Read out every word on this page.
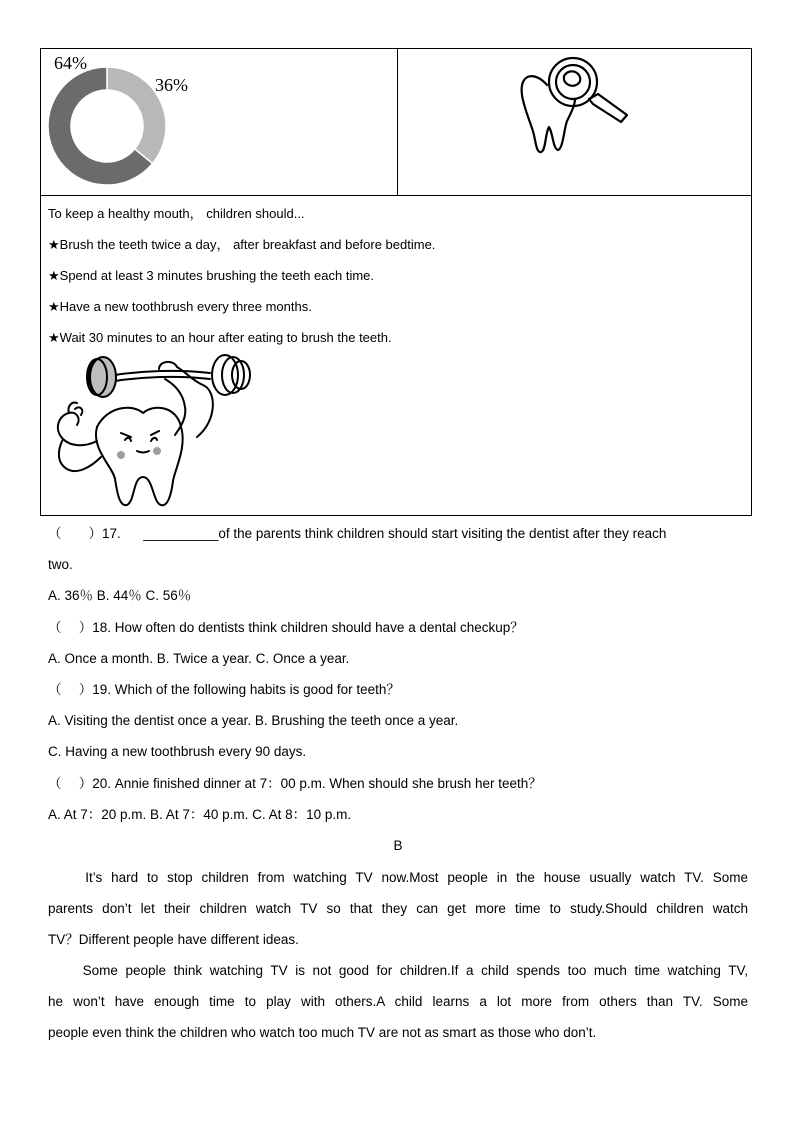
64%
36%
To keep a healthy mouth， children should...
★Brush the teeth twice a day， after breakfast and before bedtime.
★Spend at least 3 minutes brushing the teeth each time.
★Have a new toothbrush every three months.
★Wait 30 minutes to an hour after eating to brush the teeth.
（　　）17. __________of the parents think children should start visiting the dentist after they reach
two.
A. 36％ B. 44％ C. 56％
（　 ）18. How often do dentists think children should have a dental checkup？
A. Once a month. B. Twice a year. C. Once a year.
（　 ）19. Which of the following habits is good for teeth？
A. Visiting the dentist once a year. B. Brushing the teeth once a year.
C. Having a new toothbrush every 90 days.
（　 ）20. Annie finished dinner at 7：00 p.m. When should she brush her teeth？
A. At 7：20 p.m. B. At 7：40 p.m. C. At 8：10 p.m.
B
　　It’s hard to stop children from watching TV now.Most people in the house usually watch TV. Some
parents don’t let their children watch TV so that they can get more time to study.Should children watch
TV？Different people have different ideas.
　　Some people think watching TV is not good for children.If a child spends too much time watching TV,
he won’t have enough time to play with others.A child learns a lot more from others than TV. Some
people even think the children who watch too much TV are not as smart as those who don’t.
